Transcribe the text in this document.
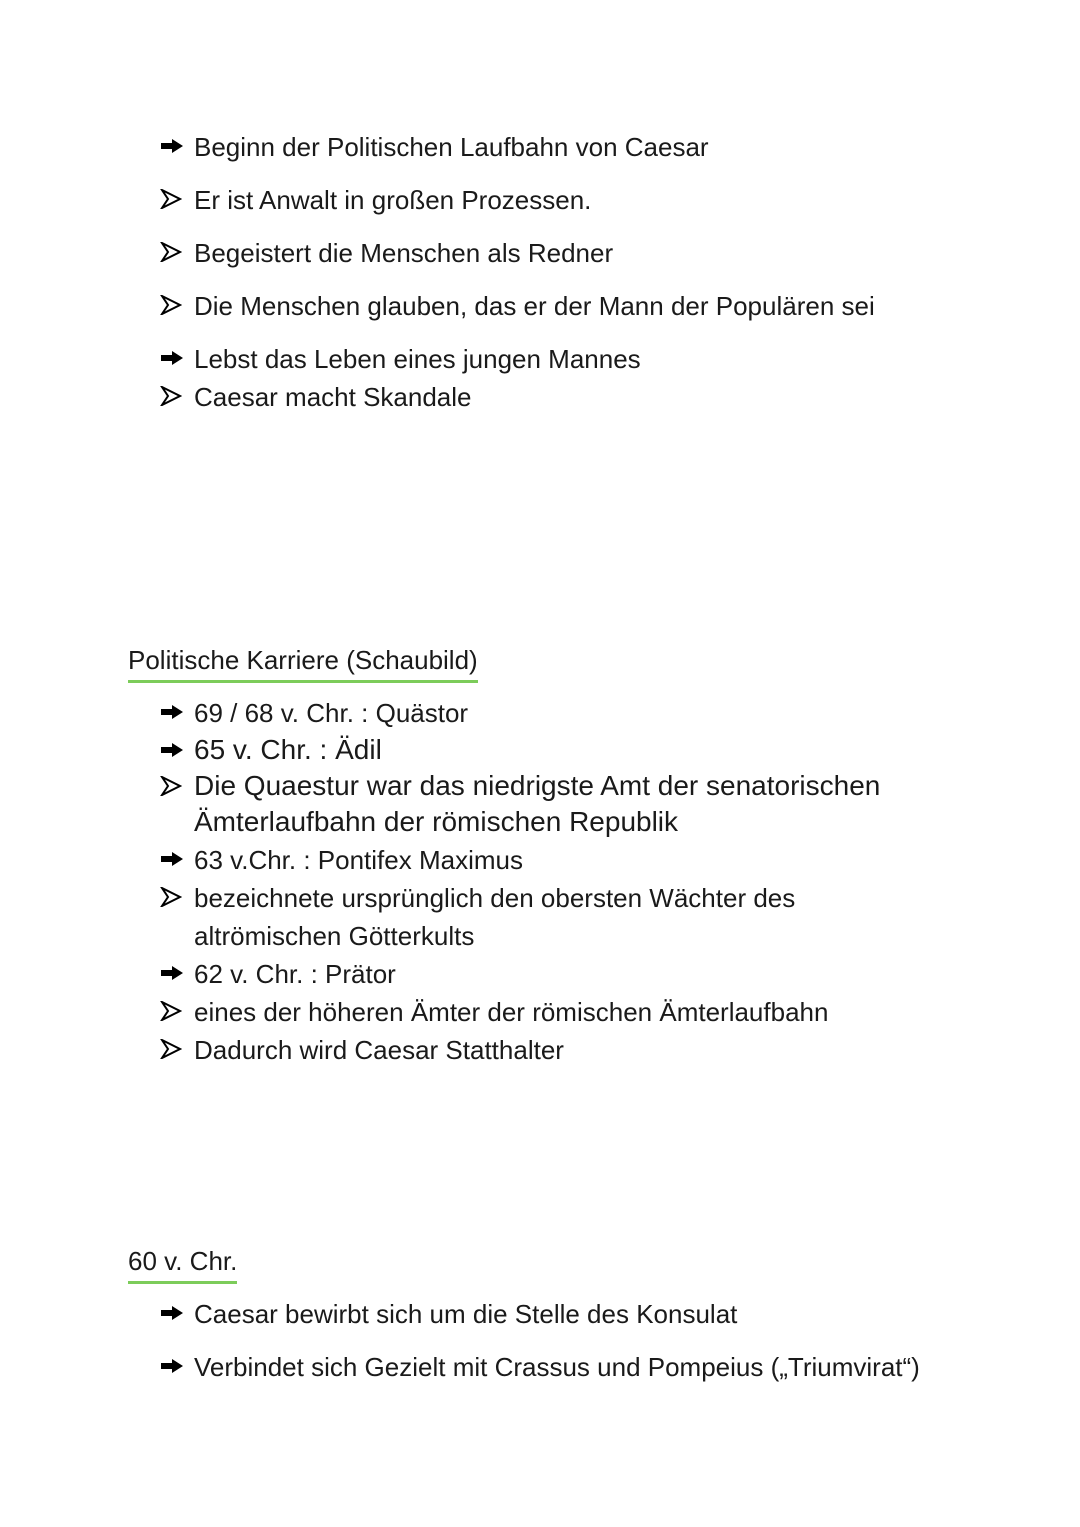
Beginn der Politischen Laufbahn von Caesar
Er ist Anwalt in großen Prozessen.
Begeistert die Menschen als Redner
Die Menschen glauben, das er der Mann der Populären sei
Lebst das Leben eines jungen Mannes
Caesar macht Skandale
Politische Karriere (Schaubild)
69 / 68 v. Chr. : Quästor
65 v. Chr. : Ädil
Die Quaestur war das niedrigste Amt der senatorischen Ämterlaufbahn der römischen Republik
63 v.Chr. : Pontifex Maximus
bezeichnete ursprünglich den obersten Wächter des altrömischen Götterkults
62 v. Chr. : Prätor
eines der höheren Ämter der römischen Ämterlaufbahn
Dadurch wird Caesar Statthalter
60 v. Chr.
Caesar bewirbt sich um die Stelle des Konsulat
Verbindet sich Gezielt mit Crassus und Pompeius („Triumvirat“)
